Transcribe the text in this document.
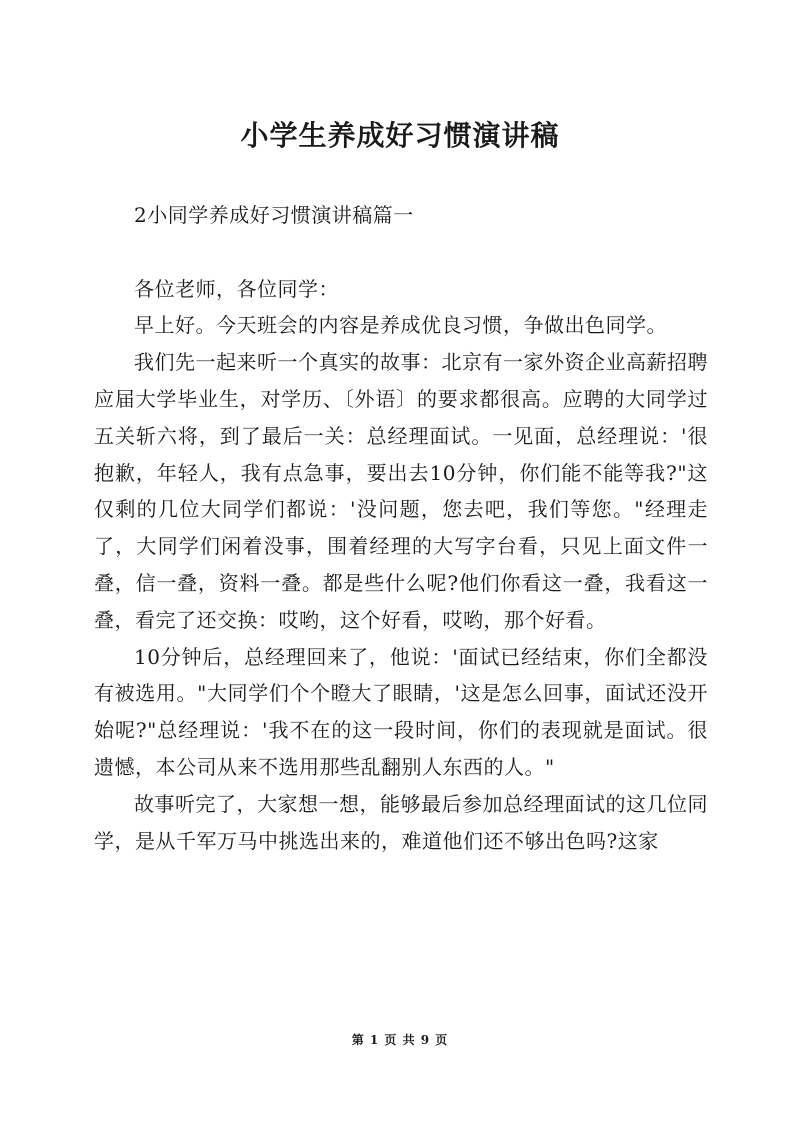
小学生养成好习惯演讲稿

2小同学养成好习惯演讲稿篇一

各位老师，各位同学：

早上好。今天班会的内容是养成优良习惯，争做出色同学。

我们先一起来听一个真实的故事：北京有一家外资企业高薪招聘应届大学毕业生，对学历、〔外语〕的要求都很高。应聘的大同学过五关斩六将，到了最后一关：总经理面试。一见面，总经理说：'很抱歉，年轻人，我有点急事，要出去10分钟，你们能不能等我?"这仅剩的几位大同学们都说：'没问题，您去吧，我们等您。"经理走了，大同学们闲着没事，围着经理的大写字台看，只见上面文件一叠，信一叠，资料一叠。都是些什么呢?他们你看这一叠，我看这一叠，看完了还交换：哎哟，这个好看，哎哟，那个好看。

10分钟后，总经理回来了，他说：'面试已经结束，你们全都没有被选用。"大同学们个个瞪大了眼睛，'这是怎么回事，面试还没开始呢?"总经理说：'我不在的这一段时间，你们的表现就是面试。很遗憾，本公司从来不选用那些乱翻别人东西的人。"

故事听完了，大家想一想，能够最后参加总经理面试的这几位同学，是从千军万马中挑选出来的，难道他们还不够出色吗?这家

第 1 页 共 9 页
